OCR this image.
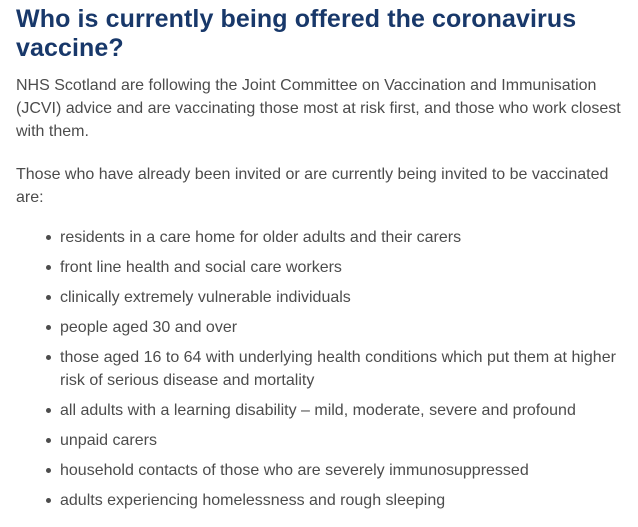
Who is currently being offered the coronavirus vaccine?

NHS Scotland are following the Joint Committee on Vaccination and Immunisation (JCVI) advice and are vaccinating those most at risk first, and those who work closest with them.

Those who have already been invited or are currently being invited to be vaccinated are:

residents in a care home for older adults and their carers
front line health and social care workers
clinically extremely vulnerable individuals
people aged 30 and over
those aged 16 to 64 with underlying health conditions which put them at higher risk of serious disease and mortality
all adults with a learning disability – mild, moderate, severe and profound
unpaid carers
household contacts of those who are severely immunosuppressed
adults experiencing homelessness and rough sleeping
